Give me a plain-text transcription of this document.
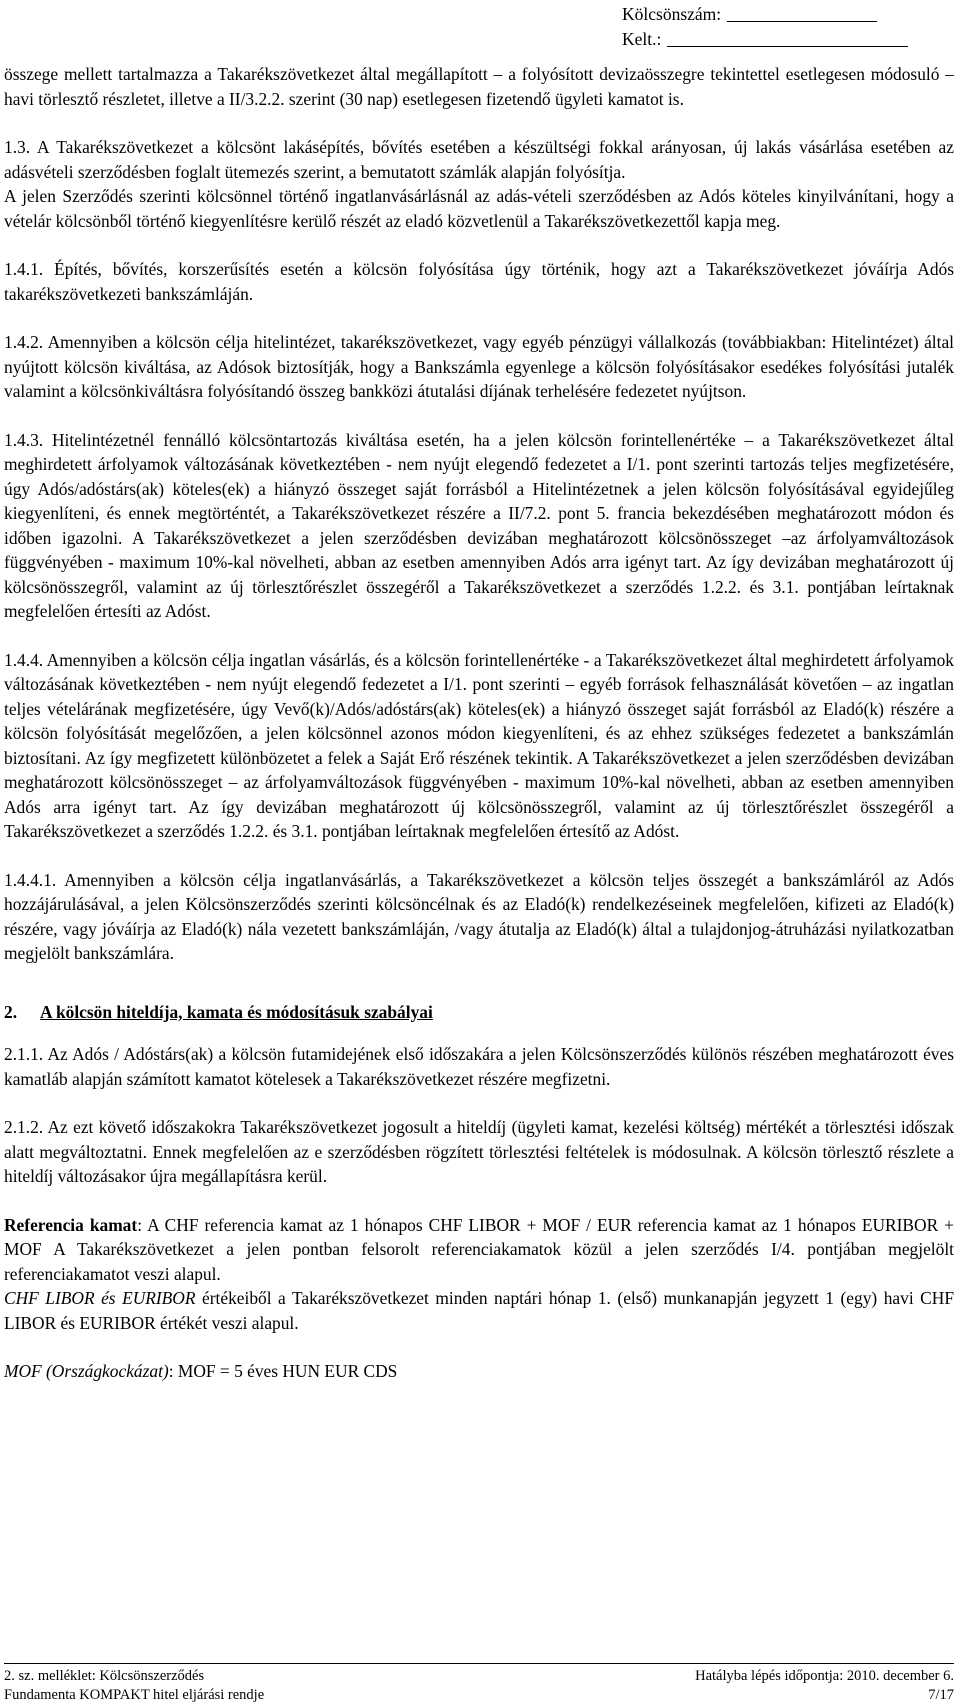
Kölcsönszám:
Kelt.:

összege mellett tartalmazza a Takarékszövetkezet által megállapított – a folyósított devizaösszegre tekintettel esetlegesen módosuló – havi törlesztő részletet, illetve a II/3.2.2. szerint (30 nap) esetlegesen fizetendő ügyleti kamatot is.

1.3. A Takarékszövetkezet a kölcsönt lakásépítés, bővítés esetében a készültségi fokkal arányosan, új lakás vásárlása esetében az adásvételi szerződésben foglalt ütemezés szerint, a bemutatott számlák alapján folyósítja.

A jelen Szerződés szerinti kölcsönnel történő ingatlanvásárlásnál az adás-vételi szerződésben az Adós köteles kinyilvánítani, hogy a vételár kölcsönből történő kiegyenlítésre kerülő részét az eladó közvetlenül a Takarékszövetkezettől kapja meg.

1.4.1. Építés, bővítés, korszerűsítés esetén a kölcsön folyósítása úgy történik, hogy azt a Takarékszövetkezet jóváírja Adós takarékszövetkezeti bankszámláján.

1.4.2. Amennyiben a kölcsön célja hitelintézet, takarékszövetkezet, vagy egyéb pénzügyi vállalkozás (továbbiakban: Hitelintézet) által nyújtott kölcsön kiváltása, az Adósok biztosítják, hogy a Bankszámla egyenlege a kölcsön folyósításakor esedékes folyósítási jutalék valamint a kölcsönkiváltásra folyósítandó összeg bankközi átutalási díjának terhelésére fedezetet nyújtson.

1.4.3. Hitelintézetnél fennálló kölcsöntartozás kiváltása esetén, ha a jelen kölcsön forintellenértéke – a Takarékszövetkezet által meghirdetett árfolyamok változásának következtében - nem nyújt elegendő fedezetet a I/1. pont szerinti tartozás teljes megfizetésére, úgy Adós/adóstárs(ak) köteles(ek) a hiányzó összeget saját forrásból a Hitelintézetnek a jelen kölcsön folyósításával egyidejűleg kiegyenlíteni, és ennek megtörténtét, a Takarékszövetkezet részére a II/7.2. pont 5. francia bekezdésében meghatározott módon és időben igazolni. A Takarékszövetkezet a jelen szerződésben devizában meghatározott kölcsönösszeget –az árfolyamváltozások függvényében - maximum 10%-kal növelheti, abban az esetben amennyiben Adós arra igényt tart. Az így devizában meghatározott új kölcsönösszegről, valamint az új törlesztőrészlet összegéről a Takarékszövetkezet a szerződés 1.2.2. és 3.1. pontjában leírtaknak megfelelően értesíti az Adóst.

1.4.4. Amennyiben a kölcsön célja ingatlan vásárlás, és a kölcsön forintellenértéke - a Takarékszövetkezet által meghirdetett árfolyamok változásának következtében - nem nyújt elegendő fedezetet a I/1. pont szerinti – egyéb források felhasználását követően – az ingatlan teljes vételárának megfizetésére, úgy Vevő(k)/Adós/adóstárs(ak) köteles(ek) a hiányzó összeget saját forrásból az Eladó(k) részére a kölcsön folyósítását megelőzően, a jelen kölcsönnel azonos módon kiegyenlíteni, és az ehhez szükséges fedezetet a bankszámlán biztosítani. Az így megfizetett különbözetet a felek a Saját Erő részének tekintik. A Takarékszövetkezet a jelen szerződésben devizában meghatározott kölcsönösszeget – az árfolyamváltozások függvényében - maximum 10%-kal növelheti, abban az esetben amennyiben Adós arra igényt tart. Az így devizában meghatározott új kölcsönösszegről, valamint az új törlesztőrészlet összegéről a Takarékszövetkezet a szerződés 1.2.2. és 3.1. pontjában leírtaknak megfelelően értesítő az Adóst.

1.4.4.1. Amennyiben a kölcsön célja ingatlanvásárlás, a Takarékszövetkezet a kölcsön teljes összegét a bankszámláról az Adós hozzájárulásával, a jelen Kölcsönszerződés szerinti kölcsöncélnak és az Eladó(k) rendelkezéseinek megfelelően, kifizeti az Eladó(k) részére, vagy jóváírja az Eladó(k) nála vezetett bankszámláján, /vagy átutalja az Eladó(k) által a tulajdonjog-átruházási nyilatkozatban megjelölt bankszámlára.

2. A kölcsön hiteldíja, kamata és módosításuk szabályai

2.1.1. Az Adós / Adóstárs(ak) a kölcsön futamidejének első időszakára a jelen Kölcsönszerződés különös részében meghatározott éves kamatláb alapján számított kamatot kötelesek a Takarékszövetkezet részére megfizetni.

2.1.2. Az ezt követő időszakokra Takarékszövetkezet jogosult a hiteldíj (ügyleti kamat, kezelési költség) mértékét a törlesztési időszak alatt megváltoztatni. Ennek megfelelően az e szerződésben rögzített törlesztési feltételek is módosulnak. A kölcsön törlesztő részlete a hiteldíj változásakor újra megállapításra kerül.

Referencia kamat: A CHF referencia kamat az 1 hónapos CHF LIBOR + MOF / EUR referencia kamat az 1 hónapos EURIBOR + MOF A Takarékszövetkezet a jelen pontban felsorolt referenciakamatok közül a jelen szerződés I/4. pontjában megjelölt referenciakamatot veszi alapul.

CHF LIBOR és EURIBOR értékeiből a Takarékszövetkezet minden naptári hónap 1. (első) munkanapján jegyzett 1 (egy) havi CHF LIBOR és EURIBOR értékét veszi alapul.

MOF (Országkockázat): MOF = 5 éves HUN EUR CDS

2. sz. melléklet: Kölcsönszerződés	Hatályba lépés időpontja: 2010. december 6.
Fundamenta KOMPAKT hitel eljárási rendje	7/17
